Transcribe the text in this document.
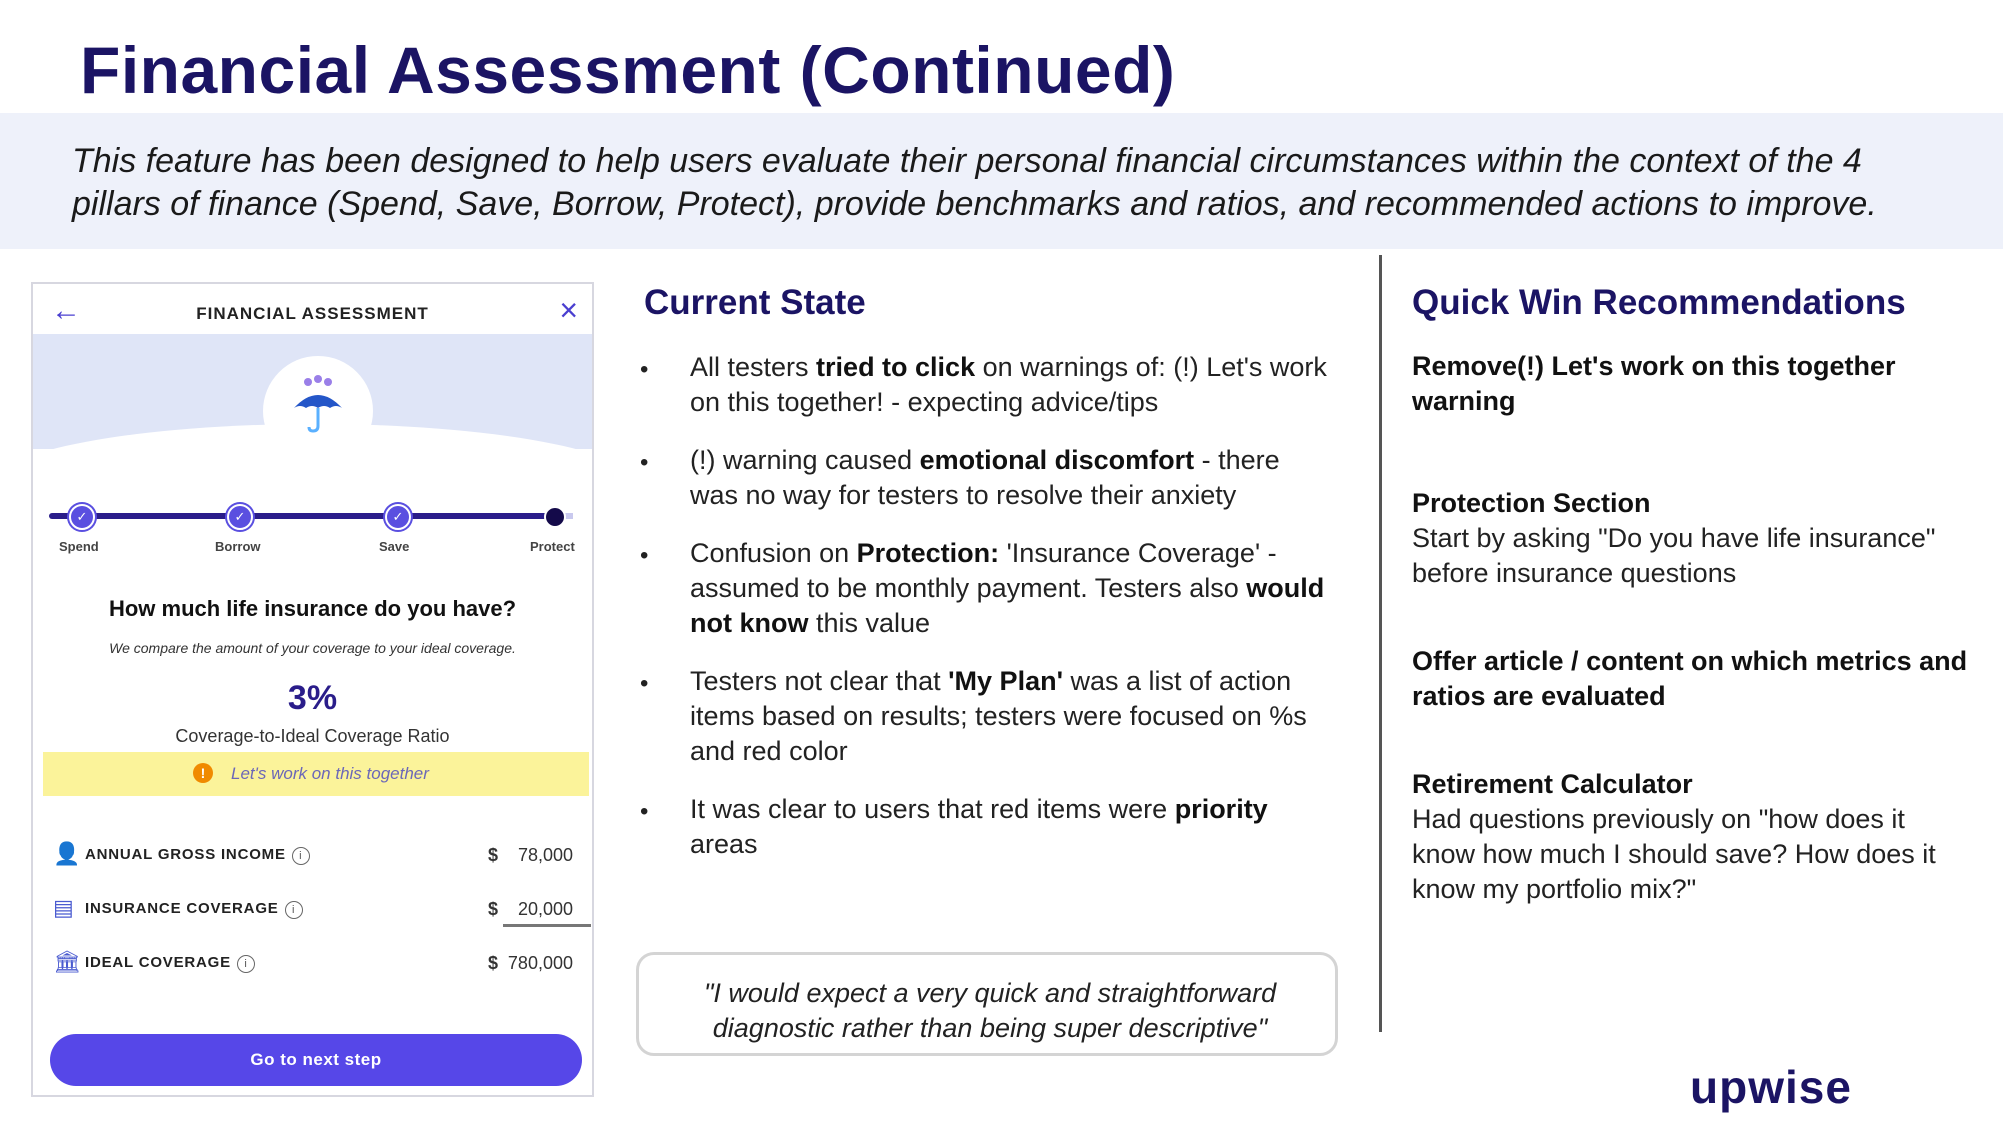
Financial Assessment (Continued)
This feature has been designed to help users evaluate their personal financial circumstances within the context of the 4 pillars of finance (Spend, Save, Borrow, Protect), provide benchmarks and ratios, and recommended actions to improve.
←	FINANCIAL ASSESSMENT	×
✓	✓	✓
Spend	Borrow	Save	Protect
How much life insurance do you have?
We compare the amount of your coverage to your ideal coverage.
3%
Coverage-to-Ideal Coverage Ratio
!	Let's work on this together
👤 ANNUAL GROSS INCOME i	$ 78,000
▤ INSURANCE COVERAGE i	$ 20,000
🏛 IDEAL COVERAGE i	$ 780,000
Go to next step
Current State
• All testers tried to click on warnings of: (!) Let's work on this together! - expecting advice/tips
• (!) warning caused emotional discomfort - there was no way for testers to resolve their anxiety
• Confusion on Protection: 'Insurance Coverage' - assumed to be monthly payment. Testers also would not know this value
• Testers not clear that 'My Plan' was a list of action items based on results; testers were focused on %s and red color
• It was clear to users that red items were priority areas
"I would expect a very quick and straightforward diagnostic rather than being super descriptive"
Quick Win Recommendations
Remove(!) Let's work on this together warning
Protection Section
Start by asking "Do you have life insurance" before insurance questions
Offer article / content on which metrics and ratios are evaluated
Retirement Calculator
Had questions previously on "how does it know how much I should save? How does it know my portfolio mix?"
upwise
